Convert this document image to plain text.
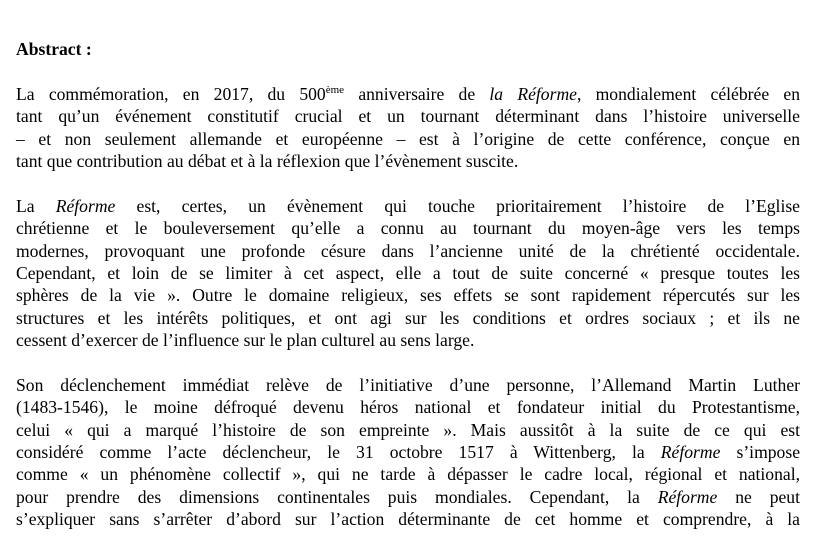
Abstract :
La commémoration, en 2017, du 500ème anniversaire de la Réforme, mondialement célébrée en
tant qu’un événement constitutif crucial et un tournant déterminant dans l’histoire universelle
– et non seulement allemande et européenne – est à l’origine de cette conférence, conçue en
tant que contribution au débat et à la réflexion que l’évènement suscite.
La Réforme est, certes, un évènement qui touche prioritairement l’histoire de l’Eglise
chrétienne et le bouleversement qu’elle a connu au tournant du moyen-âge vers les temps
modernes, provoquant une profonde césure dans l’ancienne unité de la chrétienté occidentale.
Cependant, et loin de se limiter à cet aspect, elle a tout de suite concerné « presque toutes les
sphères de la vie ». Outre le domaine religieux, ses effets se sont rapidement répercutés sur les
structures et les intérêts politiques, et ont agi sur les conditions et ordres sociaux ; et ils ne
cessent d’exercer de l’influence sur le plan culturel au sens large.
Son déclenchement immédiat relève de l’initiative d’une personne, l’Allemand Martin Luther
(1483-1546), le moine défroqué devenu héros national et fondateur initial du Protestantisme,
celui « qui a marqué l’histoire de son empreinte ». Mais aussitôt à la suite de ce qui est
considéré comme l’acte déclencheur, le 31 octobre 1517 à Wittenberg, la Réforme s’impose
comme « un phénomène collectif », qui ne tarde à dépasser le cadre local, régional et national,
pour prendre des dimensions continentales puis mondiales. Cependant, la Réforme ne peut
s’expliquer sans s’arrêter d’abord sur l’action déterminante de cet homme et comprendre, à la
